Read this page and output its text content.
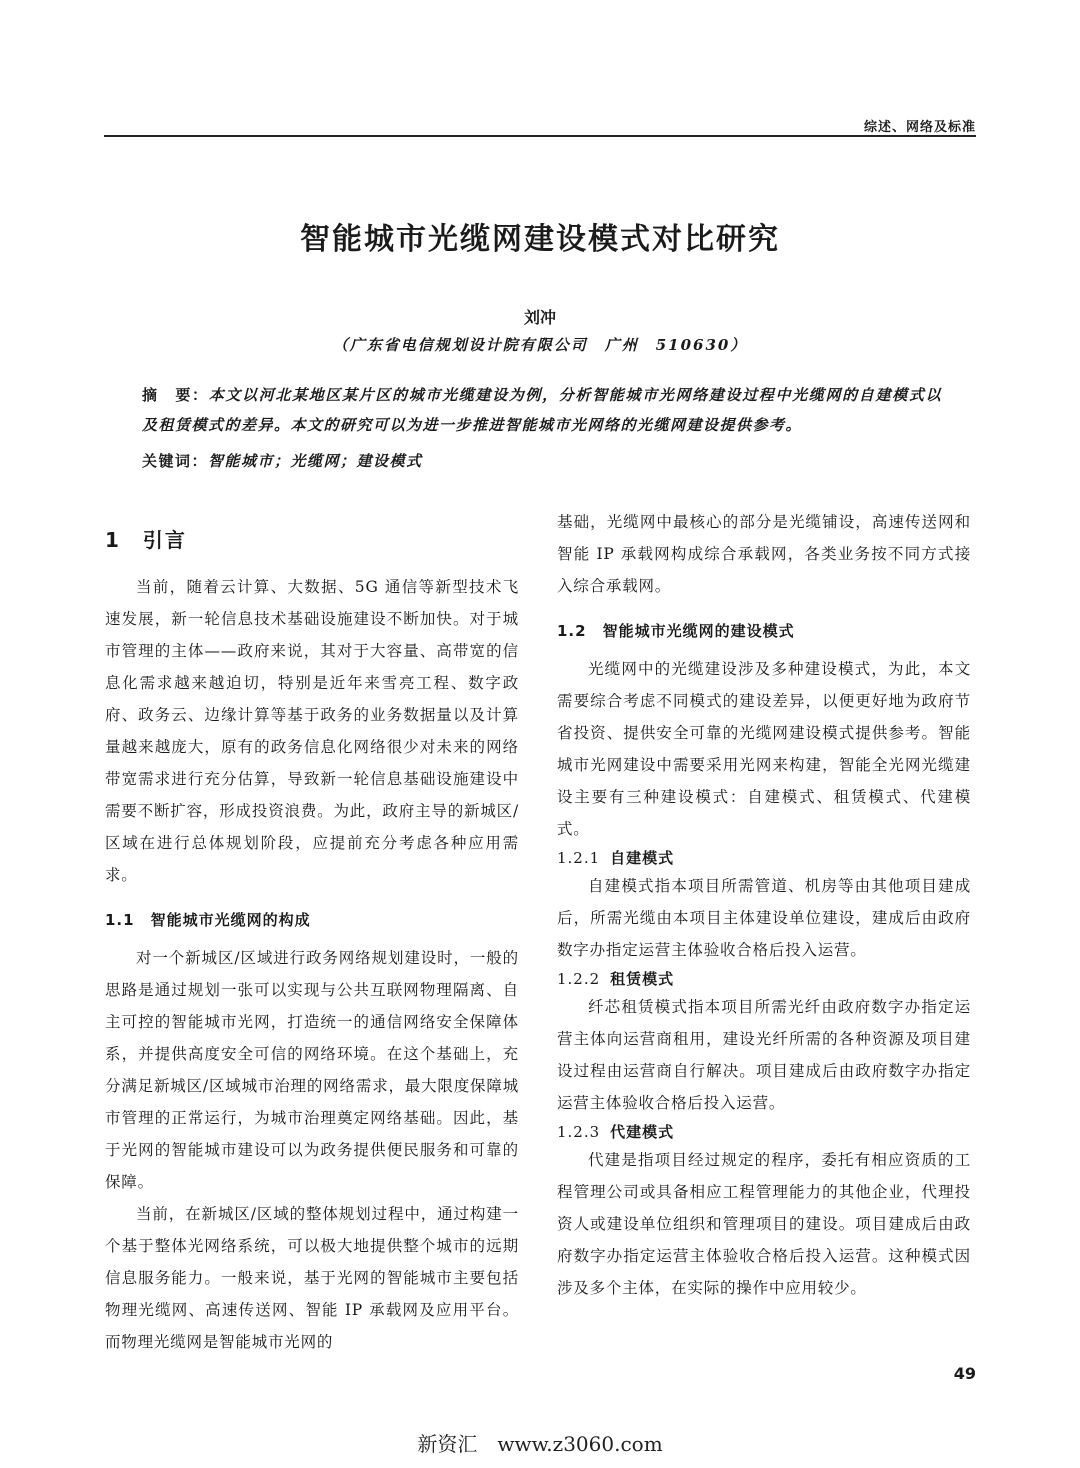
综述、网络及标准
智能城市光缆网建设模式对比研究
刘冲
（广东省电信规划设计院有限公司　广州　510630）
摘　要：本文以河北某地区某片区的城市光缆建设为例，分析智能城市光网络建设过程中光缆网的自建模式以及租赁模式的差异。本文的研究可以为进一步推进智能城市光网络的光缆网建设提供参考。
关键词：智能城市；光缆网；建设模式
1　引言

当前，随着云计算、大数据、5G 通信等新型技术飞速发展，新一轮信息技术基础设施建设不断加快。对于城市管理的主体——政府来说，其对于大容量、高带宽的信息化需求越来越迫切，特别是近年来雪亮工程、数字政府、政务云、边缘计算等基于政务的业务数据量以及计算量越来越庞大，原有的政务信息化网络很少对未来的网络带宽需求进行充分估算，导致新一轮信息基础设施建设中需要不断扩容，形成投资浪费。为此，政府主导的新城区/区域在进行总体规划阶段，应提前充分考虑各种应用需求。

1.1　智能城市光缆网的构成

对一个新城区/区域进行政务网络规划建设时，一般的思路是通过规划一张可以实现与公共互联网物理隔离、自主可控的智能城市光网，打造统一的通信网络安全保障体系，并提供高度安全可信的网络环境。在这个基础上，充分满足新城区/区域城市治理的网络需求，最大限度保障城市管理的正常运行，为城市治理奠定网络基础。因此，基于光网的智能城市建设可以为政务提供便民服务和可靠的保障。

当前，在新城区/区域的整体规划过程中，通过构建一个基于整体光网络系统，可以极大地提供整个城市的远期信息服务能力。一般来说，基于光网的智能城市主要包括物理光缆网、高速传送网、智能 IP 承载网及应用平台。而物理光缆网是智能城市光网的

基础，光缆网中最核心的部分是光缆铺设，高速传送网和智能 IP 承载网构成综合承载网，各类业务按不同方式接入综合承载网。

1.2　智能城市光缆网的建设模式

光缆网中的光缆建设涉及多种建设模式，为此，本文需要综合考虑不同模式的建设差异，以便更好地为政府节省投资、提供安全可靠的光缆网建设模式提供参考。智能城市光网建设中需要采用光网来构建，智能全光网光缆建设主要有三种建设模式：自建模式、租赁模式、代建模式。

1.2.1 自建模式

自建模式指本项目所需管道、机房等由其他项目建成后，所需光缆由本项目主体建设单位建设，建成后由政府数字办指定运营主体验收合格后投入运营。

1.2.2 租赁模式

纤芯租赁模式指本项目所需光纤由政府数字办指定运营主体向运营商租用，建设光纤所需的各种资源及项目建设过程由运营商自行解决。项目建成后由政府数字办指定运营主体验收合格后投入运营。

1.2.3 代建模式

代建是指项目经过规定的程序，委托有相应资质的工程管理公司或具备相应工程管理能力的其他企业，代理投资人或建设单位组织和管理项目的建设。项目建成后由政府数字办指定运营主体验收合格后投入运营。这种模式因涉及多个主体，在实际的操作中应用较少。

49
新资汇　www.z3060.com
